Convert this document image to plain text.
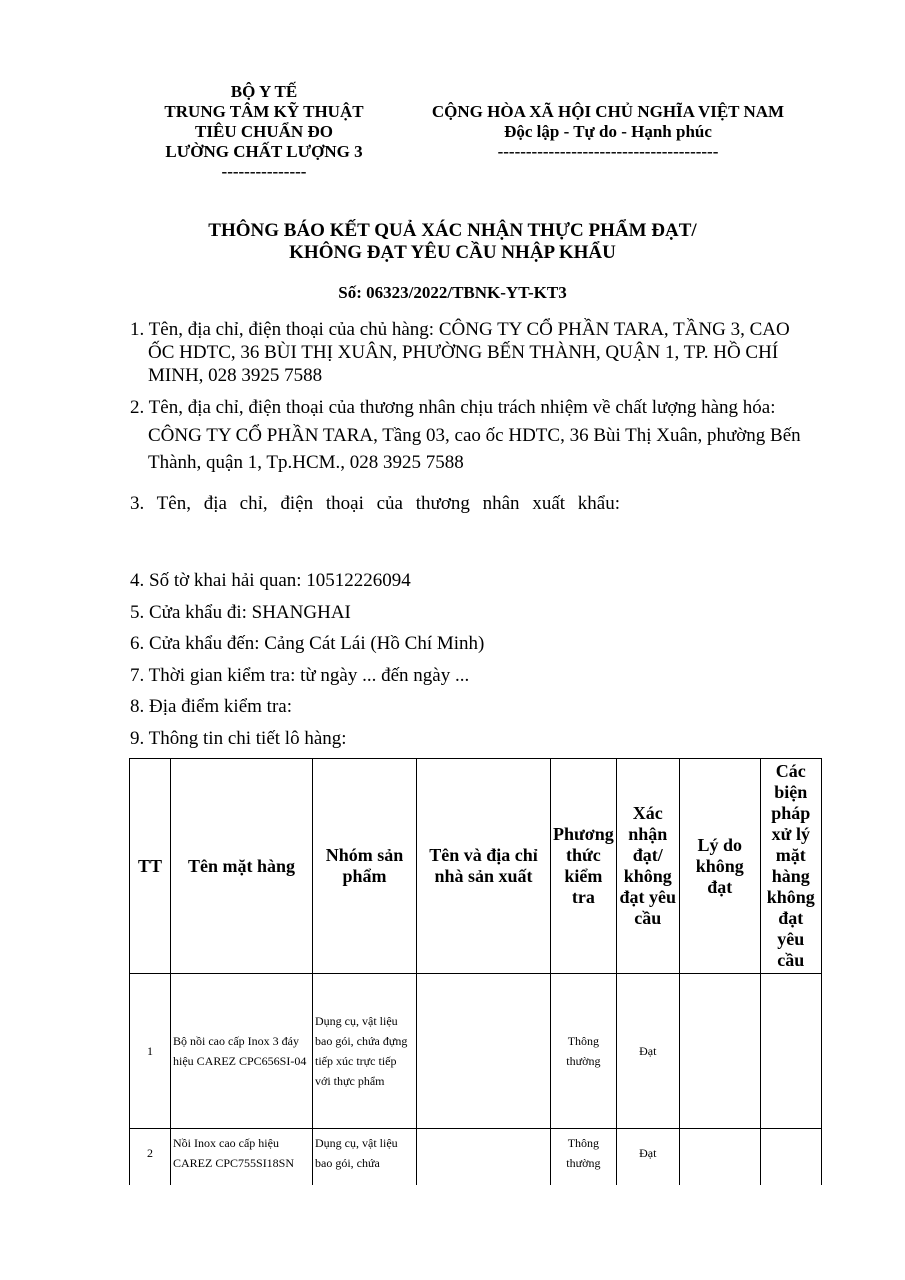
BỘ Y TẾ
TRUNG TÂM KỸ THUẬT
TIÊU CHUẨN ĐO
LƯỜNG CHẤT LƯỢNG 3
---------------
CỘNG HÒA XÃ HỘI CHỦ NGHĨA VIỆT NAM
Độc lập - Tự do - Hạnh phúc
---------------------------------------
THÔNG BÁO KẾT QUẢ XÁC NHẬN THỰC PHẨM ĐẠT/
KHÔNG ĐẠT YÊU CẦU NHẬP KHẨU
Số: 06323/2022/TBNK-YT-KT3
1. Tên, địa chỉ, điện thoại của chủ hàng: CÔNG TY CỔ PHẦN TARA, TẦNG 3, CAO
ỐC HDTC, 36 BÙI THỊ XUÂN, PHƯỜNG BẾN THÀNH, QUẬN 1, TP. HỒ CHÍ
MINH, 028 3925 7588
2. Tên, địa chỉ, điện thoại của thương nhân chịu trách nhiệm về chất lượng hàng hóa:
CÔNG TY CỔ PHẦN TARA, Tầng 03, cao ốc HDTC, 36 Bùi Thị Xuân, phường Bến
Thành, quận 1, Tp.HCM., 028 3925 7588
3. Tên, địa chỉ, điện thoại của thương nhân xuất khẩu:
4. Số tờ khai hải quan: 10512226094
5. Cửa khẩu đi: SHANGHAI
6. Cửa khẩu đến: Cảng Cát Lái (Hồ Chí Minh)
7. Thời gian kiểm tra: từ ngày ... đến ngày ...
8. Địa điểm kiểm tra:
9. Thông tin chi tiết lô hàng:
TT	Tên mặt hàng	Nhóm sản phẩm	Tên và địa chỉ nhà sản xuất	Phương thức kiểm tra	Xác nhận đạt/ không đạt yêu cầu	Lý do không đạt	Các biện pháp xử lý mặt hàng không đạt yêu cầu
1	Bộ nồi cao cấp Inox 3 đáy hiệu CAREZ CPC656SI-04	Dụng cụ, vật liệu bao gói, chứa đựng tiếp xúc trực tiếp với thực phẩm		Thông thường	Đạt		
2	Nồi Inox cao cấp hiệu CAREZ CPC755SI18SN	Dụng cụ, vật liệu bao gói, chứa		Thông thường	Đạt		
